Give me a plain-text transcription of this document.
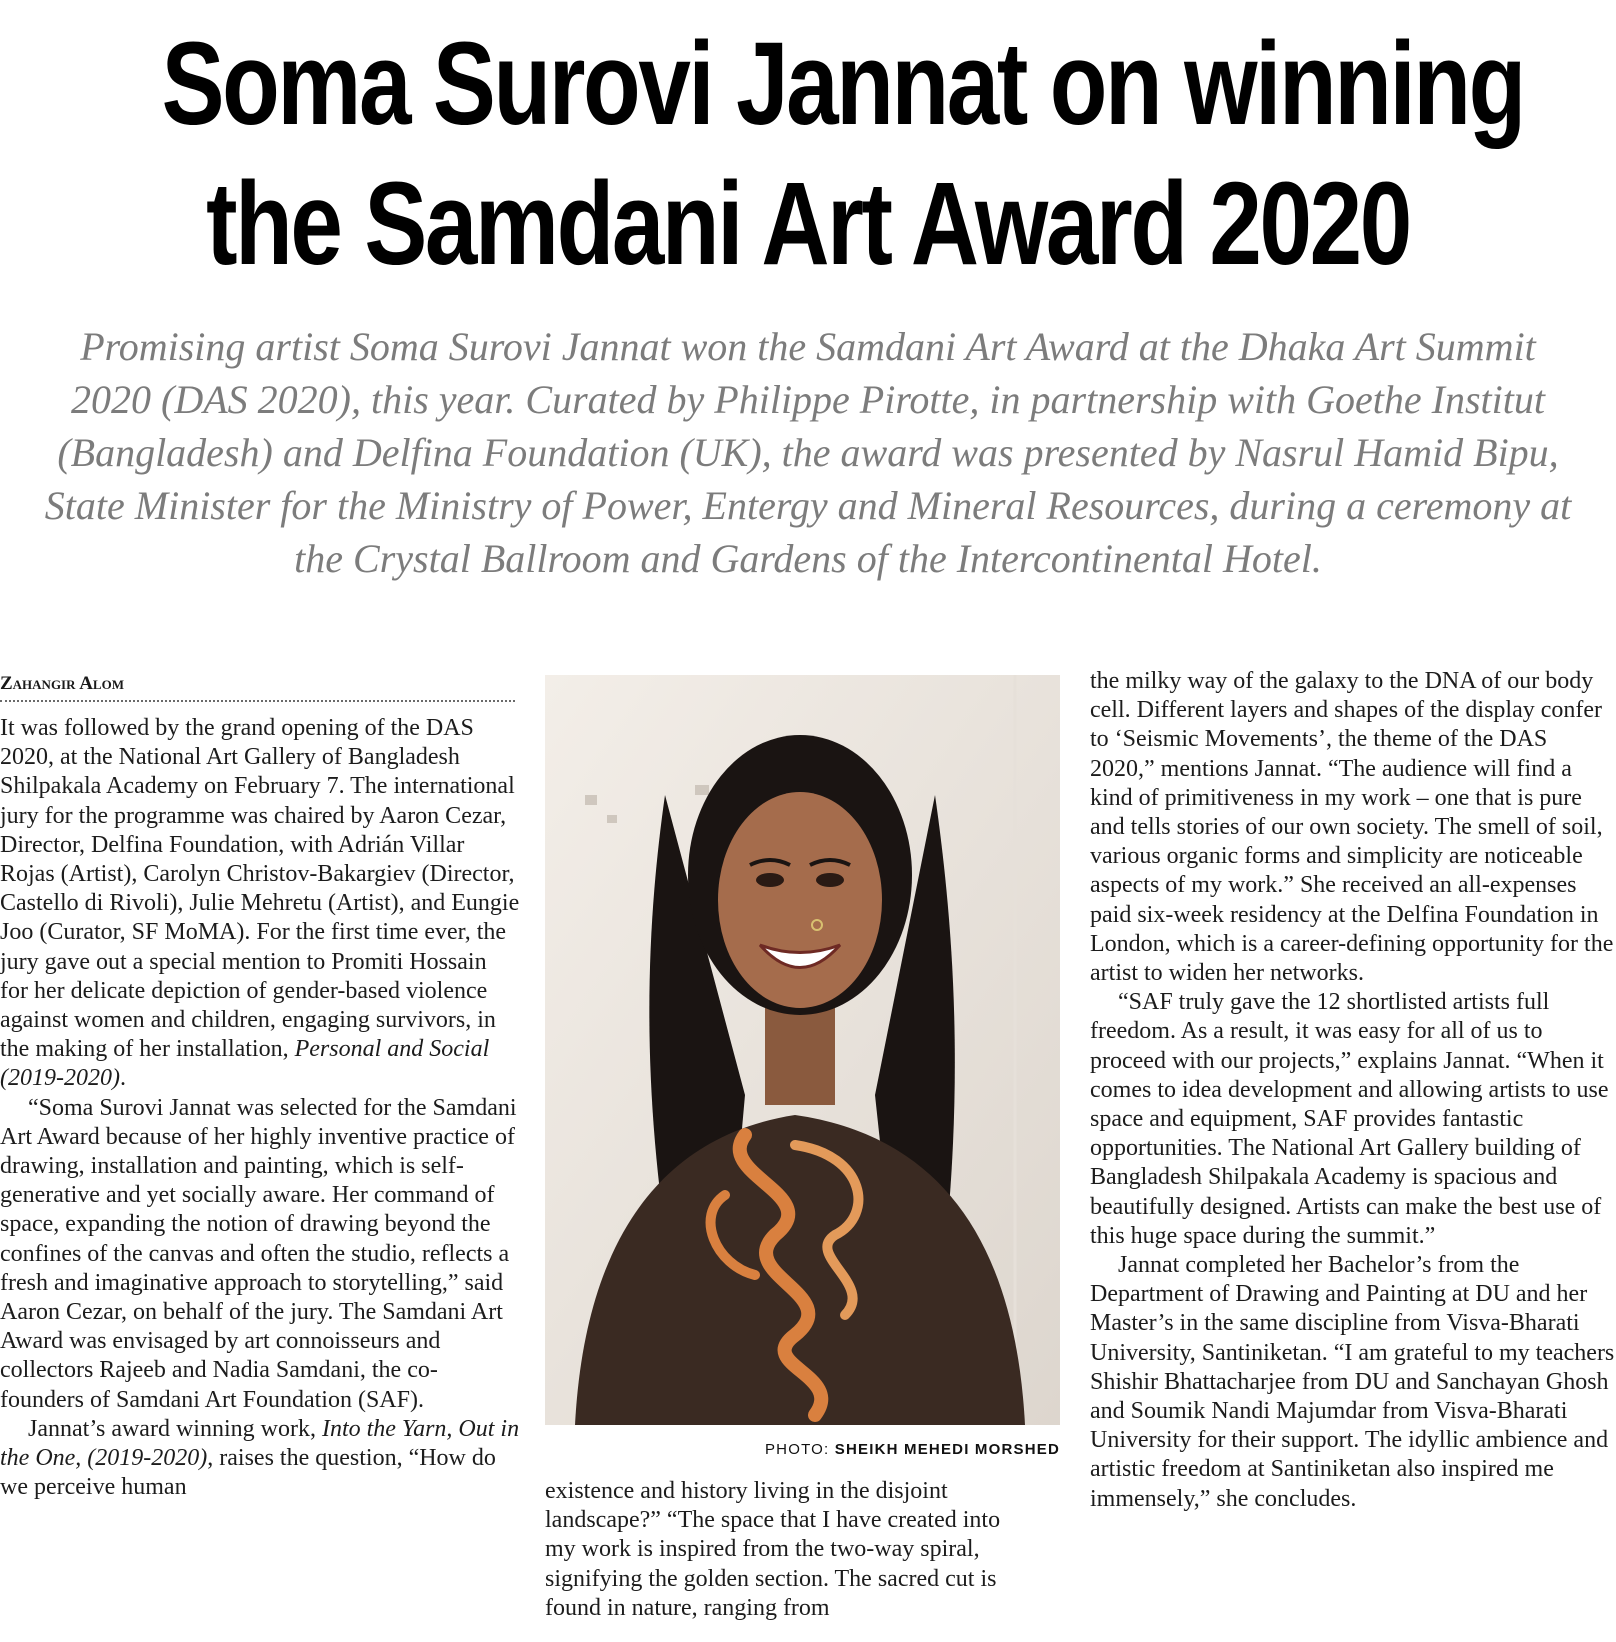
Soma Surovi Jannat on winning
the Samdani Art Award 2020

Promising artist Soma Surovi Jannat won the Samdani Art Award at the Dhaka Art Summit 2020 (DAS 2020), this year. Curated by Philippe Pirotte, in partnership with Goethe Institut (Bangladesh) and Delfina Foundation (UK), the award was presented by Nasrul Hamid Bipu, State Minister for the Ministry of Power, Entergy and Mineral Resources, during a ceremony at the Crystal Ballroom and Gardens of the Intercontinental Hotel.

Zahangir Alom

It was followed by the grand opening of the DAS 2020, at the National Art Gallery of Bangladesh Shilpakala Academy on February 7. The international jury for the programme was chaired by Aaron Cezar, Director, Delfina Foundation, with Adrián Villar Rojas (Artist), Carolyn Christov-Bakargiev (Director, Castello di Rivoli), Julie Mehretu (Artist), and Eungie Joo (Curator, SF MoMA). For the first time ever, the jury gave out a special mention to Promiti Hossain for her delicate depiction of gender-based violence against women and children, engaging survivors, in the making of her installation, Personal and Social (2019-2020).

“Soma Surovi Jannat was selected for the Samdani Art Award because of her highly inventive practice of drawing, installation and painting, which is self-generative and yet socially aware. Her command of space, expanding the notion of drawing beyond the confines of the canvas and often the studio, reflects a fresh and imaginative approach to storytelling,” said Aaron Cezar, on behalf of the jury. The Samdani Art Award was envisaged by art connoisseurs and collectors Rajeeb and Nadia Samdani, the co-founders of Samdani Art Foundation (SAF).

Jannat’s award winning work, Into the Yarn, Out in the One, (2019-2020), raises the question, “How do we perceive human

PHOTO: SHEIKH MEHEDI MORSHED

existence and history living in the disjoint landscape?” “The space that I have created into my work is inspired from the two-way spiral, signifying the golden section. The sacred cut is found in nature, ranging from

the milky way of the galaxy to the DNA of our body cell. Different layers and shapes of the display confer to ‘Seismic Movements’, the theme of the DAS 2020,” mentions Jannat. “The audience will find a kind of primitiveness in my work – one that is pure and tells stories of our own society. The smell of soil, various organic forms and simplicity are noticeable aspects of my work.” She received an all-expenses paid six-week residency at the Delfina Foundation in London, which is a career-defining opportunity for the artist to widen her networks.

“SAF truly gave the 12 shortlisted artists full freedom. As a result, it was easy for all of us to proceed with our projects,” explains Jannat. “When it comes to idea development and allowing artists to use space and equipment, SAF provides fantastic opportunities. The National Art Gallery building of Bangladesh Shilpakala Academy is spacious and beautifully designed. Artists can make the best use of this huge space during the summit.”

Jannat completed her Bachelor’s from the Department of Drawing and Painting at DU and her Master’s in the same discipline from Visva-Bharati University, Santiniketan. “I am grateful to my teachers Shishir Bhattacharjee from DU and Sanchayan Ghosh and Soumik Nandi Majumdar from Visva-Bharati University for their support. The idyllic ambience and artistic freedom at Santiniketan also inspired me immensely,” she concludes.
